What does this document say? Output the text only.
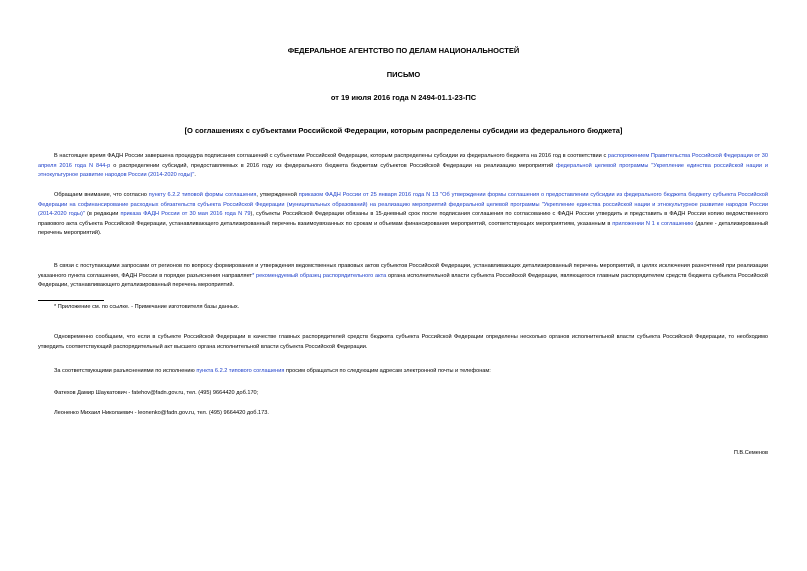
ФЕДЕРАЛЬНОЕ АГЕНТСТВО ПО ДЕЛАМ НАЦИОНАЛЬНОСТЕЙ
ПИСЬМО
от 19 июля 2016 года N 2494-01.1-23-ПС
[О соглашениях с субъектами Российской Федерации, которым распределены субсидии из федерального бюджета]
В настоящее время ФАДН России завершена процедура подписания соглашений с субъектами Российской Федерации, которым распределены субсидии из федерального бюджета на 2016 год в соответствии с распоряжением Правительства Российской Федерации от 30 апреля 2016 года N 844-р о распределении субсидий, предоставляемых в 2016 году из федерального бюджета бюджетам субъектов Российской Федерации на реализацию мероприятий федеральной целевой программы "Укрепление единства российской нации и этнокультурное развитие народов России (2014-2020 годы)".
Обращаем внимание, что согласно пункту 6.2.2 типовой формы соглашения, утвержденной приказом ФАДН России от 25 января 2016 года N 13 "Об утверждении формы соглашения о предоставлении субсидии из федерального бюджета бюджету субъекта Российской Федерации на софинансирование расходных обязательств субъекта Российской Федерации (муниципальных образований) на реализацию мероприятий федеральной целевой программы "Укрепление единства российской нации и этнокультурное развитие народов России (2014-2020 годы)" (в редакции приказа ФАДН России от 30 мая 2016 года N 79), субъекты Российской Федерации обязаны в 15-дневный срок после подписания соглашения по согласованию с ФАДН России утвердить и представить в ФАДН России копию ведомственного правового акта субъекта Российской Федерации, устанавливающего детализированный перечень взаимоувязанных по срокам и объемам финансирования мероприятий, соответствующих мероприятиям, указанным в приложении N 1 к соглашению (далее - детализированный перечень мероприятий).
В связи с поступающими запросами от регионов по вопросу формирования и утверждения ведомственных правовых актов субъектов Российской Федерации, устанавливающих детализированный перечень мероприятий, в целях исключения разночтений при реализации указанного пункта соглашения, ФАДН России в порядке разъяснения направляет* рекомендуемый образец распорядительного акта органа исполнительной власти субъекта Российской Федерации, являющегося главным распорядителем средств бюджета субъекта Российской Федерации, устанавливающего детализированный перечень мероприятий.
* Приложение см. по ссылке. - Примечание изготовителя базы данных.
Одновременно сообщаем, что если в субъекте Российской Федерации в качестве главных распорядителей средств бюджета субъекта Российской Федерации определены несколько органов исполнительной власти субъекта Российской Федерации, то необходимо утвердить соответствующий распорядительный акт высшего органа исполнительной власти субъекта Российской Федерации.
За соответствующими разъяснениями по исполнению пункта 6.2.2 типового соглашения просим обращаться по следующим адресам электронной почты и телефонам:
Фатехов Дамир Шаукатович - fatehov@fadn.gov.ru, тел. (495) 9664420 доб.170;
Леоненко Михаил Николаевич - leonenko@fadn.gov.ru, тел. (495) 9664420 доб.173.
П.В.Семенов
